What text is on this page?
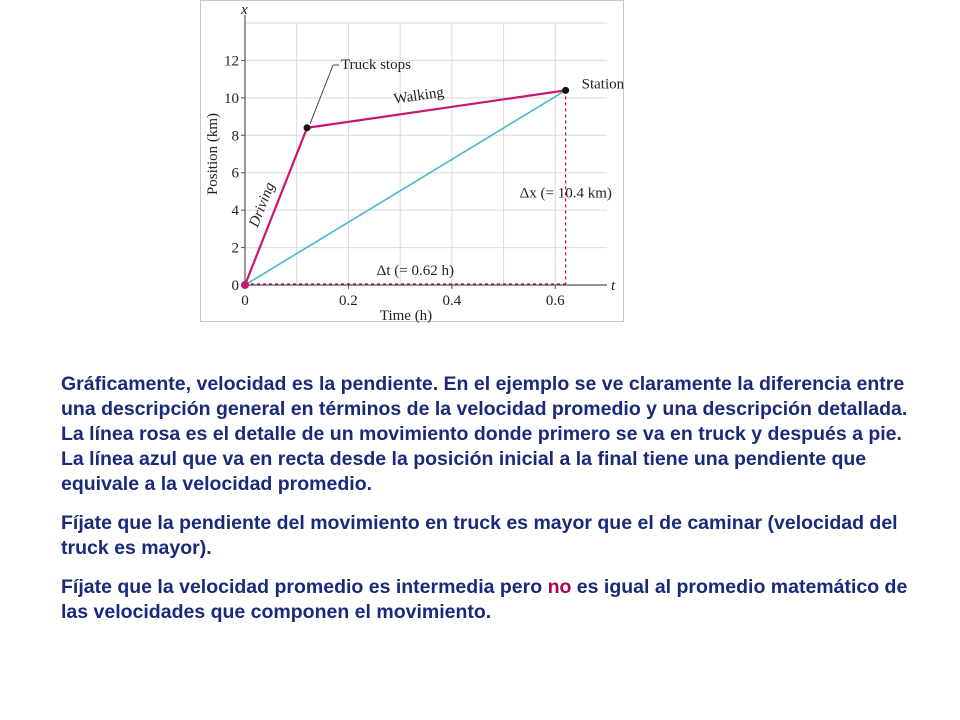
t
x
0	0.2	0.4	0.6
0
2
4
6
8
10
12
Time (h)
Position (km)
Driving
Walking
Truck stops
Station
Δt (= 0.62 h)
Δx (= 10.4 km)

Gráficamente, velocidad es la pendiente. En el ejemplo se ve claramente la diferencia entre una descripción general en términos de la velocidad promedio y una descripción detallada. La línea rosa es el detalle de un movimiento donde primero se va en truck y después a pie. La línea azul que va en recta desde la posición inicial a la final tiene una pendiente que equivale a la velocidad promedio.

Fíjate que la pendiente del movimiento en truck es mayor que el de caminar (velocidad del truck es mayor).

Fíjate que la velocidad promedio es intermedia pero no es igual al promedio matemático de las velocidades que componen el movimiento.
